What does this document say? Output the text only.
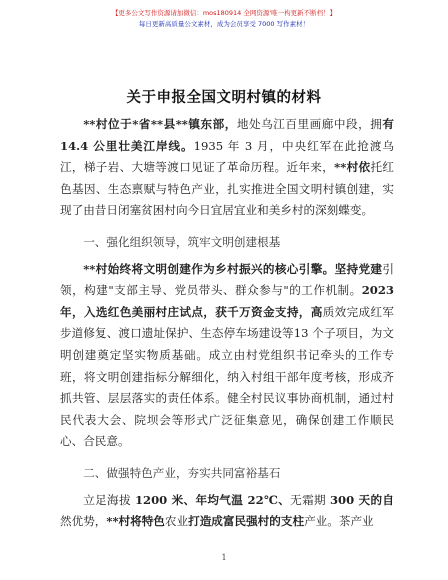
【更多公文写作资源请加微信：mos180914 全网资源'唯一构更新不断档！】
每日更新高质量公文素材，成为会员享受 7000 写作素材！
关于申报全国文明村镇的材料

**村位于*省**县**镇东部，地处乌江百里画廊中段，拥有 14.4 公里壮美江岸线。1935 年 3 月，中央红军在此抢渡乌江，梯子岩、大塘等渡口见证了革命历程。近年来，**村依托红色基因、生态禀赋与特色产业，扎实推进全国文明村镇创建，实现了由昔日闭塞贫困村向今日宜居宜业和美乡村的深刻蝶变。

一、强化组织领导，筑牢文明创建根基

**村始终将文明创建作为乡村振兴的核心引擎。坚持党建引领，构建"支部主导、党员带头、群众参与"的工作机制。2023 年，入选红色美丽村庄试点，获千万资金支持，高质效完成红军步道修复、渡口遗址保护、生态停车场建设等13 个子项目，为文明创建奠定坚实物质基础。成立由村党组织书记牵头的工作专班，将文明创建指标分解细化，纳入村组干部年度考核，形成齐抓共管、层层落实的责任体系。健全村民议事协商机制，通过村民代表大会、院坝会等形式广泛征集意见，确保创建工作顺民心、合民意。

二、做强特色产业，夯实共同富裕基石

立足海拔 1200 米、年均气温 22℃、无霜期 300 天的自然优势，**村将特色农业打造成富民强村的支柱产业。茶产业

1
